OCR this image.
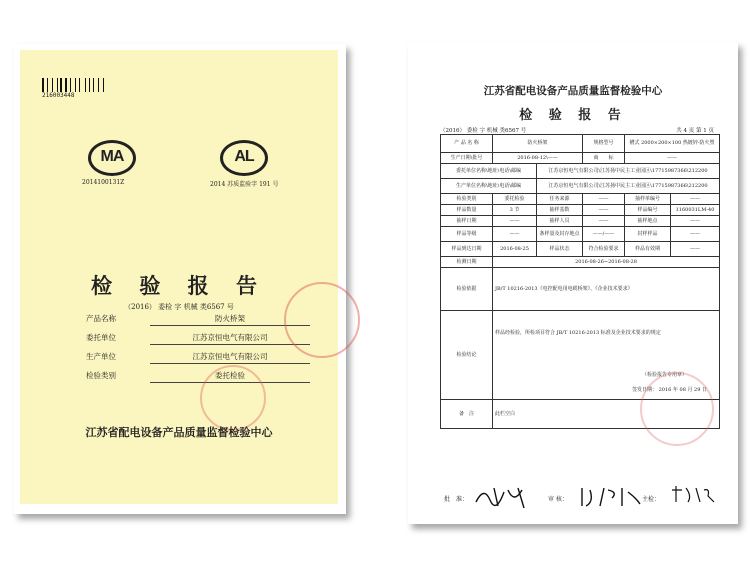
216003448
MA
2014100131Z
AL
2014 苏质监验字 191 号
检 验 报 告
（2016） 委检 字 机械 类6567 号
产品名称	防火桥架
委托单位	江苏京恒电气有限公司
生产单位	江苏京恒电气有限公司
检验类别	委托检验
江苏省配电设备产品质量监督检验中心
江苏省配电设备产品质量监督检验中心
检 验 报 告
（2016） 委检 字 机械 类6567 号	共 4 页 第 1 页
产 品 名 称	防火桥架		规格型号	槽式 2000×200×100 热镀锌-防火塑	
生产日期\批号	2016-08-12\——		商　　标	——	
委托单位名称\地址\电话\邮编		江苏京恒电气有限公司\江苏扬中民主工业园区\17715987366\212200			
生产单位名称\地址\电话\邮编		江苏京恒电气有限公司\江苏扬中民主工业园区\17715987366\212200			
检验类别	委托检验	任务来源	——	抽样单编号	——
样品数量	3 节	抽样基数	——	样品编号	1160031LM-40
抽样日期	——	抽样人员	——	抽样地点	——
样品等级	——	条样量及封存地点	——/——	封样样品	——
样品到达日期	2016-08-25	样品状态	符合检验要求	样品有效期	——
检测日期	2016-08-26~2016-08-28				
检验依据	JB/T 10216-2013《电控配电用电缆桥架》、《企业技术要求》				
检验结论	样品经检验，所检项目符合 JB/T 10216-2013 标准及企业技术要求的规定
（检验报告专用章）
签发日期： 2016 年 08 月 29 日				

备　注	此栏空白				
批　准：	审 核：	主检：
